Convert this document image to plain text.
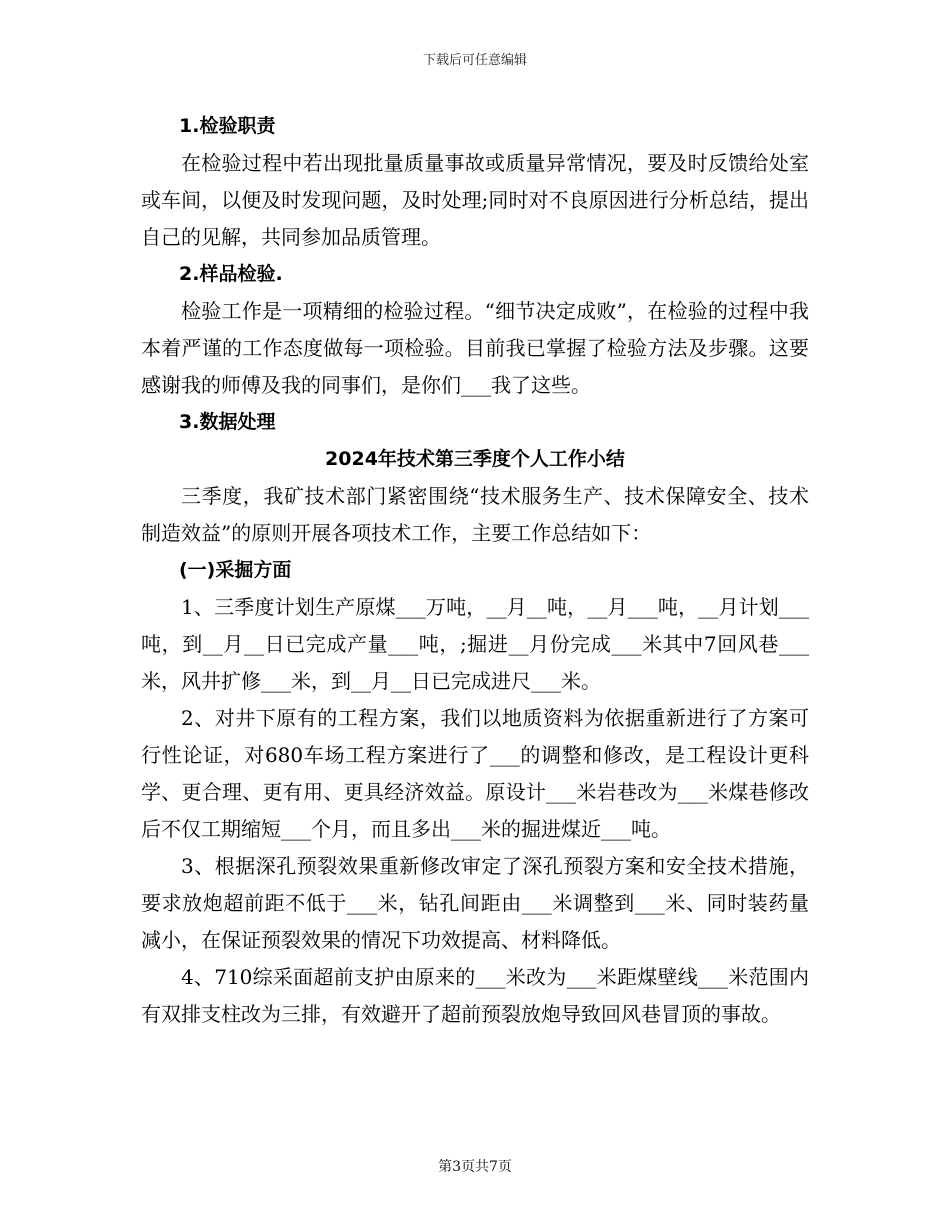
下载后可任意编辑

1.检验职责

在检验过程中若出现批量质量事故或质量异常情况，要及时反馈给处室或车间，以便及时发现问题，及时处理;同时对不良原因进行分析总结，提出自己的见解，共同参加品质管理。

2.样品检验.

检验工作是一项精细的检验过程。“细节决定成败”，在检验的过程中我本着严谨的工作态度做每一项检验。目前我已掌握了检验方法及步骤。这要感谢我的师傅及我的同事们，是你们___我了这些。

3.数据处理

2024年技术第三季度个人工作小结

三季度，我矿技术部门紧密围绕“技术服务生产、技术保障安全、技术制造效益”的原则开展各项技术工作，主要工作总结如下：

(一)采掘方面

1、三季度计划生产原煤___万吨，__月__吨，__月___吨，__月计划___吨，到__月__日已完成产量___吨，;掘进__月份完成___米其中7回风巷___米，风井扩修___米，到__月__日已完成进尺___米。

2、对井下原有的工程方案，我们以地质资料为依据重新进行了方案可行性论证，对680车场工程方案进行了___的调整和修改，是工程设计更科学、更合理、更有用、更具经济效益。原设计___米岩巷改为___米煤巷修改后不仅工期缩短___个月，而且多出___米的掘进煤近___吨。

3、根据深孔预裂效果重新修改审定了深孔预裂方案和安全技术措施，要求放炮超前距不低于___米，钻孔间距由___米调整到___米、同时装药量减小，在保证预裂效果的情况下功效提高、材料降低。

4、710综采面超前支护由原来的___米改为___米距煤壁线___米范围内有双排支柱改为三排，有效避开了超前预裂放炮导致回风巷冒顶的事故。

第3页共7页
